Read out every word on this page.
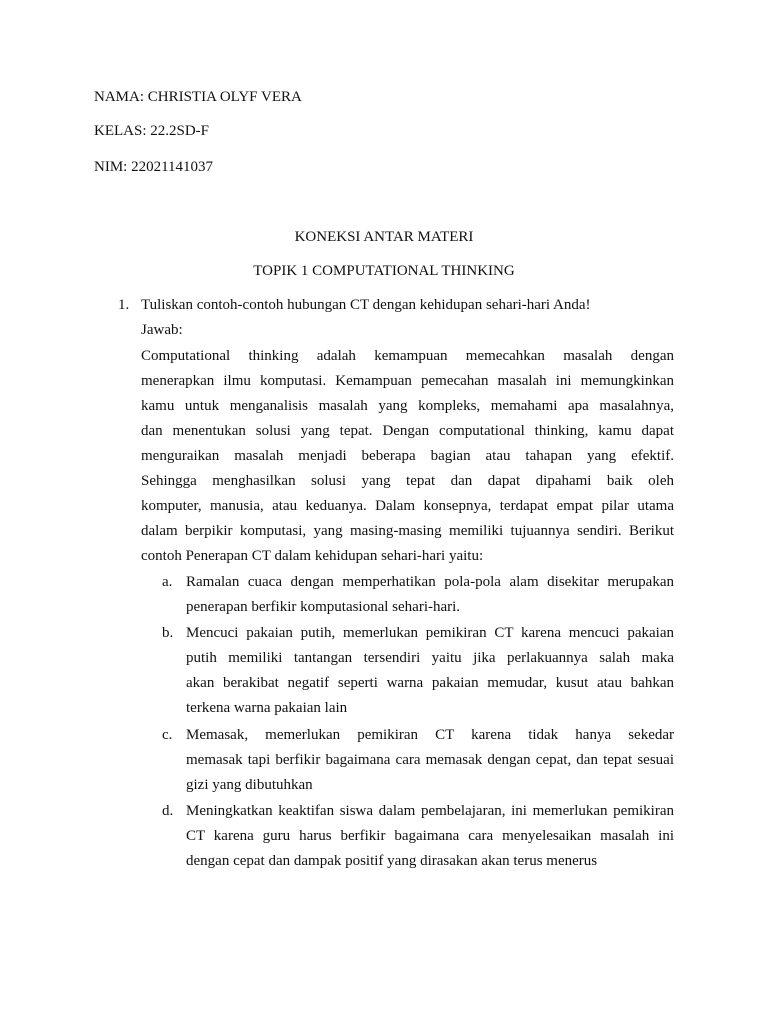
NAMA: CHRISTIA OLYF VERA

KELAS: 22.2SD-F

NIM: 22021141037

KONEKSI ANTAR MATERI

TOPIK 1 COMPUTATIONAL THINKING

1. Tuliskan contoh-contoh hubungan CT dengan kehidupan sehari-hari Anda!

Jawab:

Computational thinking adalah kemampuan memecahkan masalah dengan

menerapkan ilmu komputasi. Kemampuan pemecahan masalah ini memungkinkan

kamu untuk menganalisis masalah yang kompleks, memahami apa masalahnya,

dan menentukan solusi yang tepat. Dengan computational thinking, kamu dapat

menguraikan masalah menjadi beberapa bagian atau tahapan yang efektif.

Sehingga menghasilkan solusi yang tepat dan dapat dipahami baik oleh

komputer, manusia, atau keduanya. Dalam konsepnya, terdapat empat pilar utama

dalam berpikir komputasi, yang masing-masing memiliki tujuannya sendiri. Berikut

contoh Penerapan CT dalam kehidupan sehari-hari yaitu:

a. Ramalan cuaca dengan memperhatikan pola-pola alam disekitar merupakan

penerapan berfikir komputasional sehari-hari.

b. Mencuci pakaian putih, memerlukan pemikiran CT karena mencuci pakaian

putih memiliki tantangan tersendiri yaitu jika perlakuannya salah maka

akan berakibat negatif seperti warna pakaian memudar, kusut atau bahkan

terkena warna pakaian lain

c. Memasak, memerlukan pemikiran CT karena tidak hanya sekedar

memasak tapi berfikir bagaimana cara memasak dengan cepat, dan tepat sesuai

gizi yang dibutuhkan

d. Meningkatkan keaktifan siswa dalam pembelajaran, ini memerlukan pemikiran

CT karena guru harus berfikir bagaimana cara menyelesaikan masalah ini

dengan cepat dan dampak positif yang dirasakan akan terus menerus
